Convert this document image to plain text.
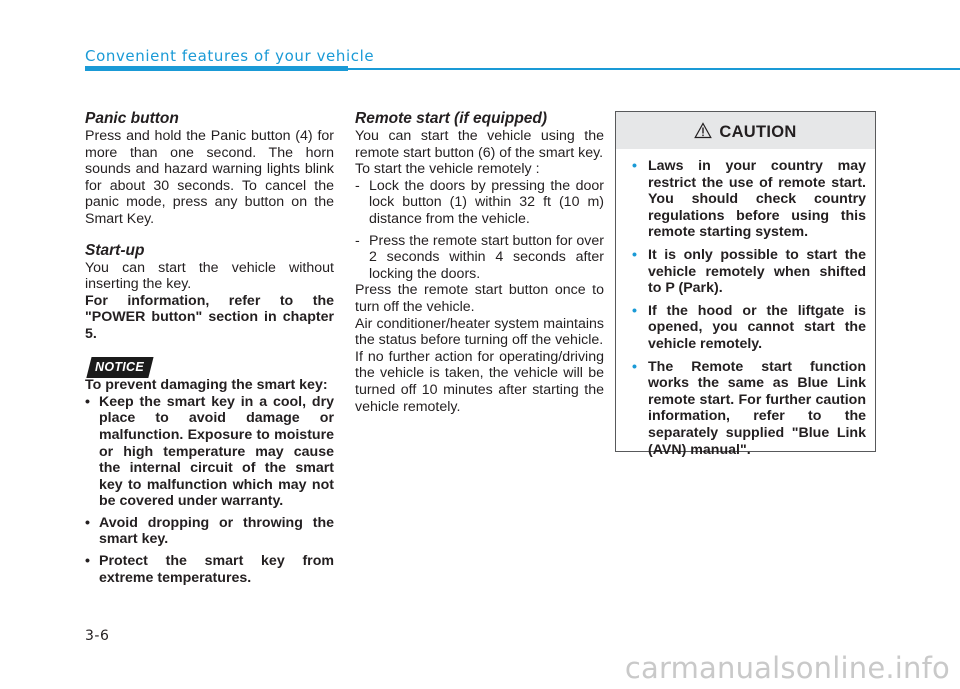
Convenient features of your vehicle
Panic button

Press and hold the Panic button (4) for more than one second. The horn sounds and hazard warning lights blink for about 30 seconds. To cancel the panic mode, press any button on the Smart Key.

Start-up

You can start the vehicle without inserting the key.

For information, refer to the "POWER button" section in chapter 5.

NOTICE

To prevent damaging the smart key:

• Keep the smart key in a cool, dry place to avoid damage or malfunction. Exposure to moisture or high temperature may cause the internal circuit of the smart key to malfunction which may not be covered under warranty.
• Avoid dropping or throwing the smart key.
• Protect the smart key from extreme temperatures.
Remote start (if equipped)

You can start the vehicle using the remote start button (6) of the smart key.

To start the vehicle remotely :

- Lock the doors by pressing the door lock button (1) within 32 ft (10 m) distance from the vehicle.
- Press the remote start button for over 2 seconds within 4 seconds after locking the doors.

Press the remote start button once to turn off the vehicle.

Air conditioner/heater system maintains the status before turning off the vehicle.

If no further action for operating/driving the vehicle is taken, the vehicle will be turned off 10 minutes after starting the vehicle remotely.

CAUTION
• Laws in your country may restrict the use of remote start. You should check country regulations before using this remote starting system.
• It is only possible to start the vehicle remotely when shifted to P (Park).
• If the hood or the liftgate is opened, you cannot start the vehicle remotely.
• The Remote start function works the same as Blue Link remote start. For further caution information, refer to the separately supplied "Blue Link (AVN) manual".
3-6
carmanualsonline.info
